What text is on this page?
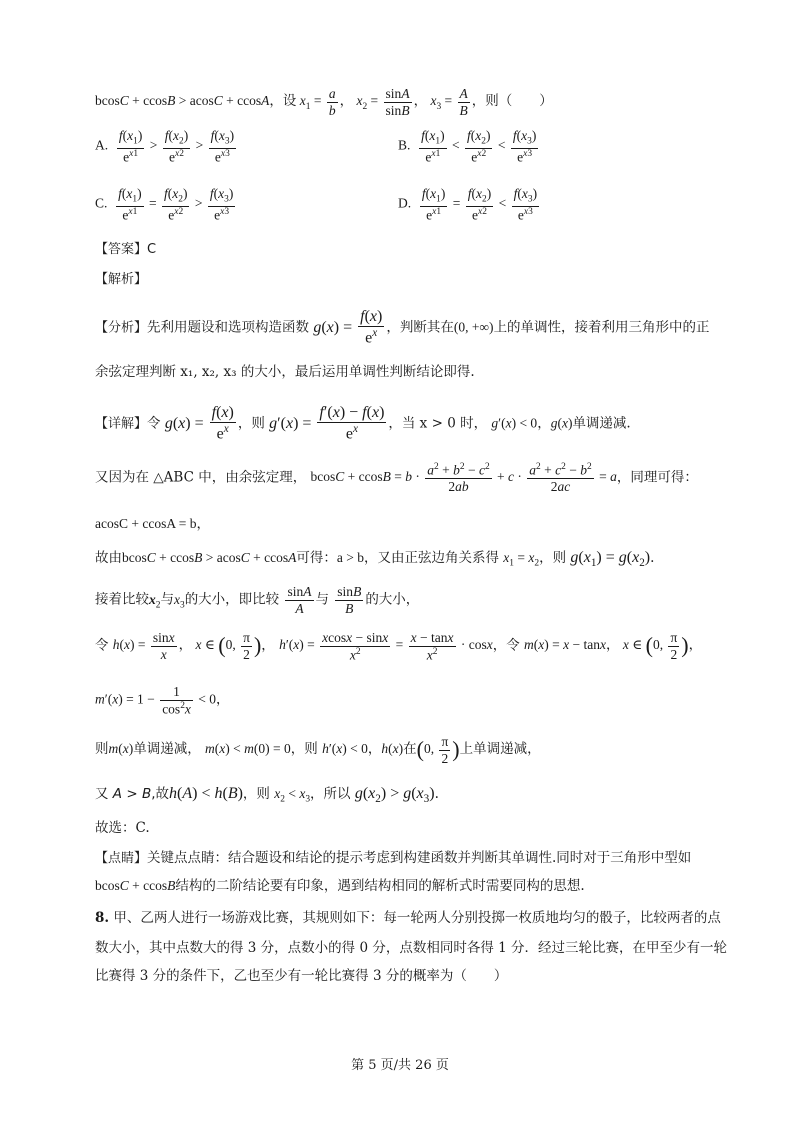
bcosC + ccosB > acosC + ccosA，设 $x_1 = \frac{a}{b}$ ， $x_2 = \frac{\sin A}{\sin B}$ ， $x_3 = \frac{A}{B}$ ，则（　　）
A. $\frac{f(x_1)}{e^{x1}} > \frac{f(x_2)}{e^{x2}} > \frac{f(x_3)}{e^{x3}}$	B. $\frac{f(x_1)}{e^{x1}} < \frac{f(x_2)}{e^{x2}} < \frac{f(x_3)}{e^{x3}}$
C. $\frac{f(x_1)}{e^{x1}} = \frac{f(x_2)}{e^{x2}} > \frac{f(x_3)}{e^{x3}}$	D. $\frac{f(x_1)}{e^{x1}} = \frac{f(x_2)}{e^{x2}} < \frac{f(x_3)}{e^{x3}}$
【答案】C
【解析】
【分析】先利用题设和选项构造函数 $g(x) = \frac{f(x)}{e^x}$ ，判断其在(0, +∞)上的单调性，接着利用三角形中的正
余弦定理判断 x₁, x₂, x₃ 的大小，最后运用单调性判断结论即得.
【详解】令 $g(x) = \frac{f(x)}{e^x}$ ，则 $g'(x) = \frac{f'(x) - f(x)}{e^x}$ ，当 x > 0 时， g′(x) < 0，g(x)单调递减.
又因为在 △ABC 中，由余弦定理， $bcosC + ccosB = b \cdot \frac{a^2 + b^2 - c^2}{2ab} + c \cdot \frac{a^2 + c^2 - b^2}{2ac} = a$，同理可得：
acosC + ccosA = b，
故由bcosC + ccosB > acosC + ccosA可得：a > b，又由正弦边角关系得 $x_1 = x_2$，则 $g(x_1) = g(x_2)$.
接着比较$x_2$与$x_3$的大小，即比较 $\frac{\sin A}{A}$ 与 $\frac{\sin B}{B}$ 的大小，
令 $h(x) = \frac{\sin x}{x}$ ， x ∈ (0, $\frac{\pi}{2}$ )， $h'(x) = \frac{xcosx - \sin x}{x^2} = \frac{x - \tan x}{x^2} \cdot \cos x$，令 m(x) = x − tanx， x ∈ (0, $\frac{\pi}{2}$ )，
$m'(x) = 1 - \frac{1}{\cos^2x} < 0$，
则m(x)单调递减， m(x) < m(0) = 0，则 h′(x) < 0，h(x)在(0, $\frac{\pi}{2}$ )上单调递减，
又 A > B,故h(A) < h(B)，则 $x_2 < x_3$，所以 $g(x_2) > g(x_3)$.
故选：C.
【点睛】关键点点睛：结合题设和结论的提示考虑到构建函数并判断其单调性.同时对于三角形中型如
bcosC + ccosB结构的二阶结论要有印象，遇到结构相同的解析式时需要同构的思想.
8. 甲、乙两人进行一场游戏比赛，其规则如下：每一轮两人分别投掷一枚质地均匀的骰子，比较两者的点
数大小，其中点数大的得 3 分，点数小的得 0 分，点数相同时各得 1 分．经过三轮比赛，在甲至少有一轮
比赛得 3 分的条件下，乙也至少有一轮比赛得 3 分的概率为（　　）
第 5 页/共 26 页
